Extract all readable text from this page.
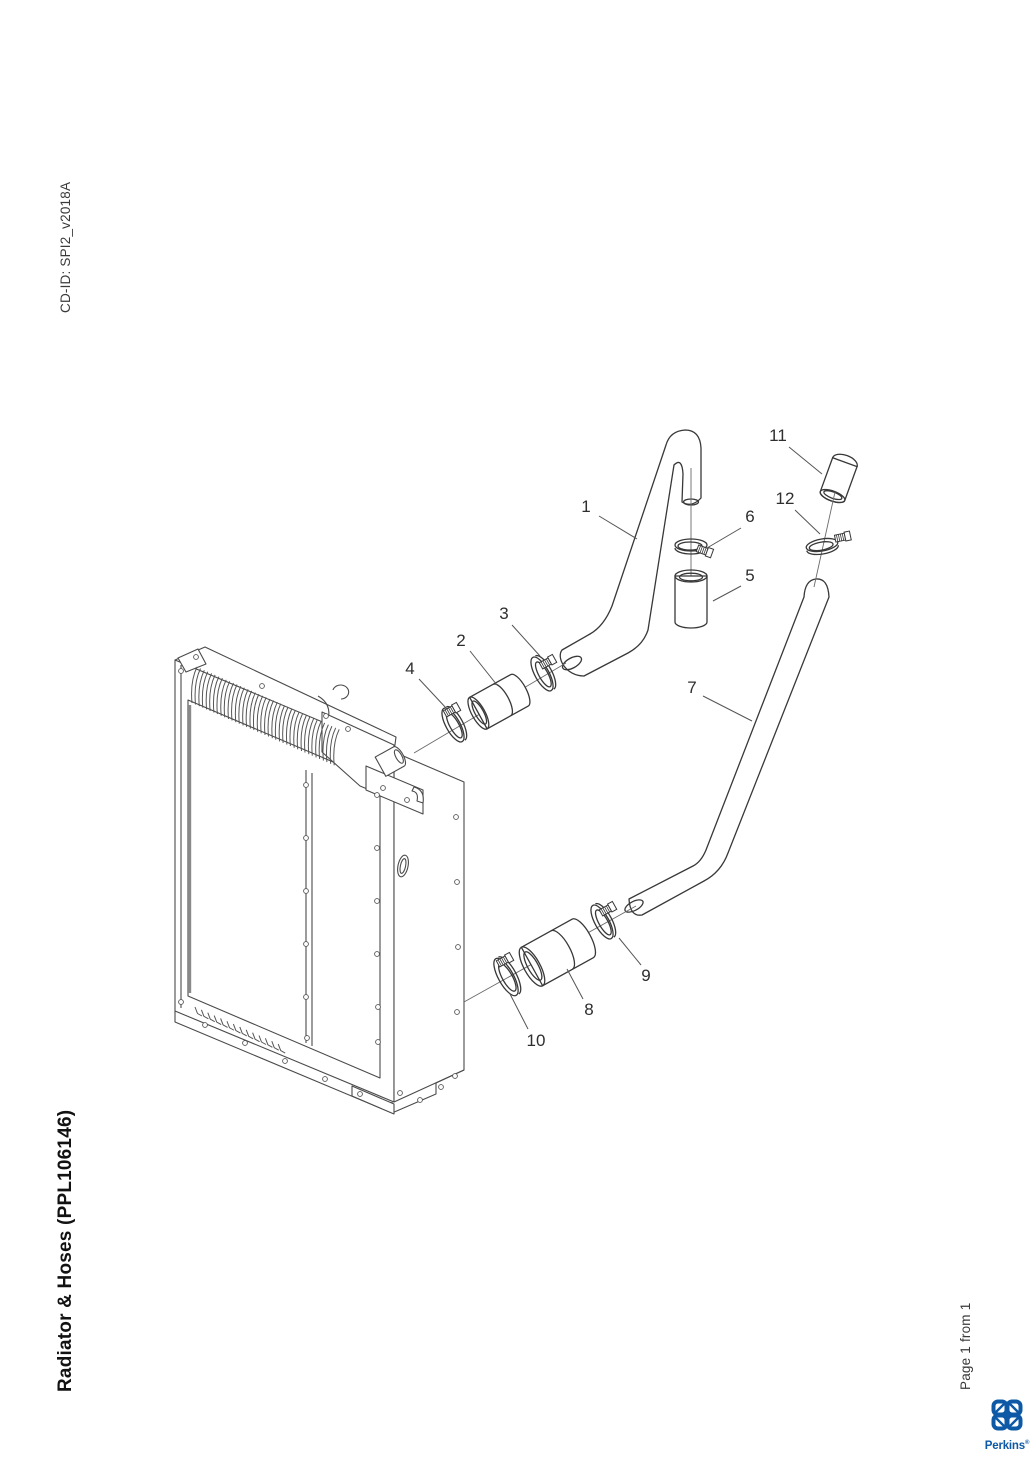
CD-ID: SPI2_v2018A
Radiator & Hoses (PPL106146)	Page 1 from 1
1
2
3
4
5
6
7
8
9
10
11
12
Perkins®
